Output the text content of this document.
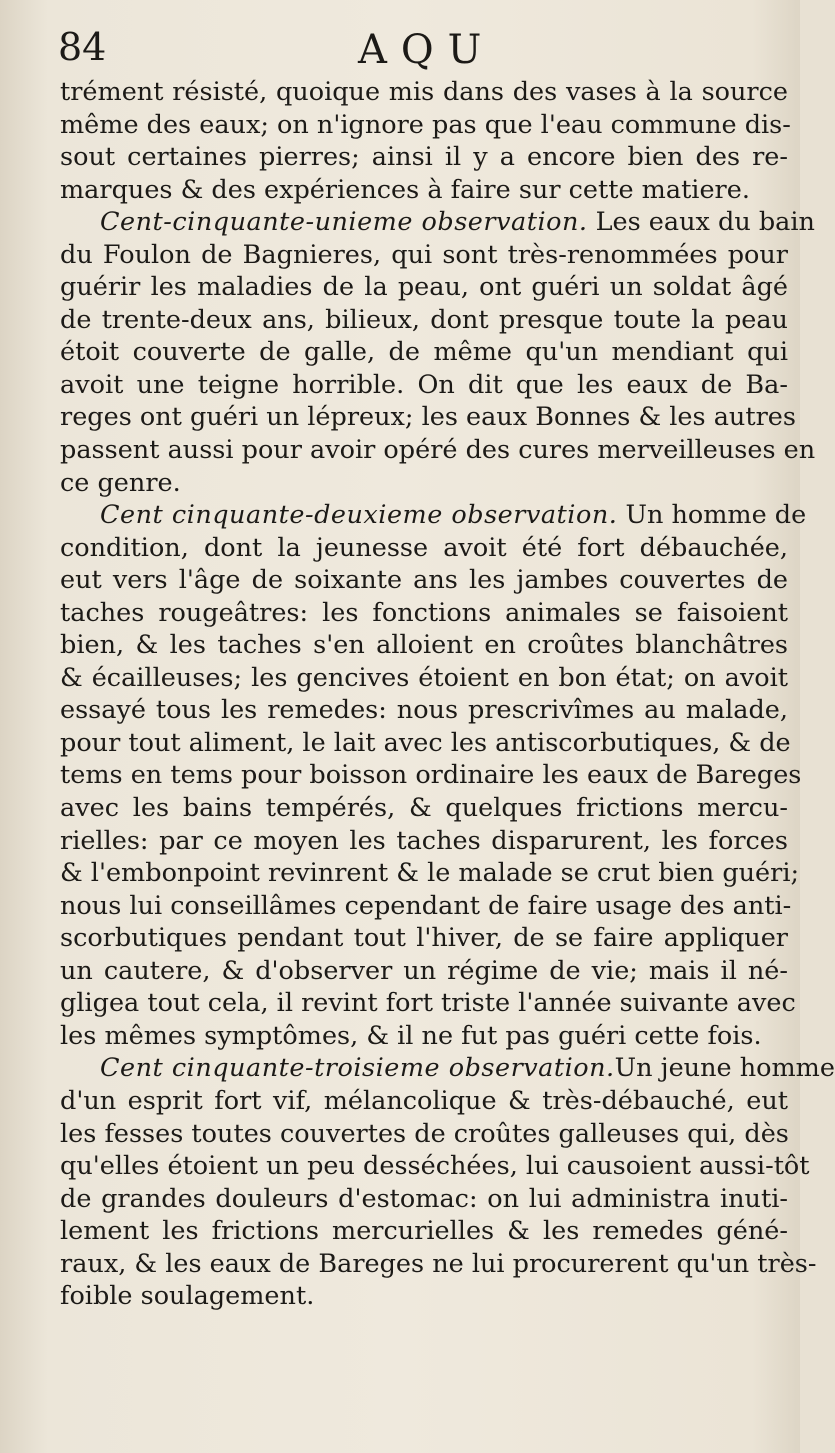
84	AQU
trément résisté, quoique mis dans des vases à la source
même des eaux; on n'ignore pas que l'eau commune dis-
sout certaines pierres; ainsi il y a encore bien des re-
marques & des expériences à faire sur cette matiere.
Cent-cinquante-unieme observation. Les eaux du bain
du Foulon de Bagnieres, qui sont très-renommées pour
guérir les maladies de la peau, ont guéri un soldat âgé
de trente-deux ans, bilieux, dont presque toute la peau
étoit couverte de galle, de même qu'un mendiant qui
avoit une teigne horrible. On dit que les eaux de Ba-
reges ont guéri un lépreux; les eaux Bonnes & les autres
passent aussi pour avoir opéré des cures merveilleuses en
ce genre.
Cent cinquante-deuxieme observation. Un homme de
condition, dont la jeunesse avoit été fort débauchée,
eut vers l'âge de soixante ans les jambes couvertes de
taches rougeâtres: les fonctions animales se faisoient
bien, & les taches s'en alloient en croûtes blanchâtres
& écailleuses; les gencives étoient en bon état; on avoit
essayé tous les remedes: nous prescrivîmes au malade,
pour tout aliment, le lait avec les antiscorbutiques, & de
tems en tems pour boisson ordinaire les eaux de Bareges
avec les bains tempérés, & quelques frictions mercu-
rielles: par ce moyen les taches disparurent, les forces
& l'embonpoint revinrent & le malade se crut bien guéri;
nous lui conseillâmes cependant de faire usage des anti-
scorbutiques pendant tout l'hiver, de se faire appliquer
un cautere, & d'observer un régime de vie; mais il né-
gligea tout cela, il revint fort triste l'année suivante avec
les mêmes symptômes, & il ne fut pas guéri cette fois.
Cent cinquante-troisieme observation.Un jeune homme
d'un esprit fort vif, mélancolique & très-débauché, eut
les fesses toutes couvertes de croûtes galleuses qui, dès
qu'elles étoient un peu desséchées, lui causoient aussi-tôt
de grandes douleurs d'estomac: on lui administra inuti-
lement les frictions mercurielles & les remedes géné-
raux, & les eaux de Bareges ne lui procurerent qu'un très-
foible soulagement.
